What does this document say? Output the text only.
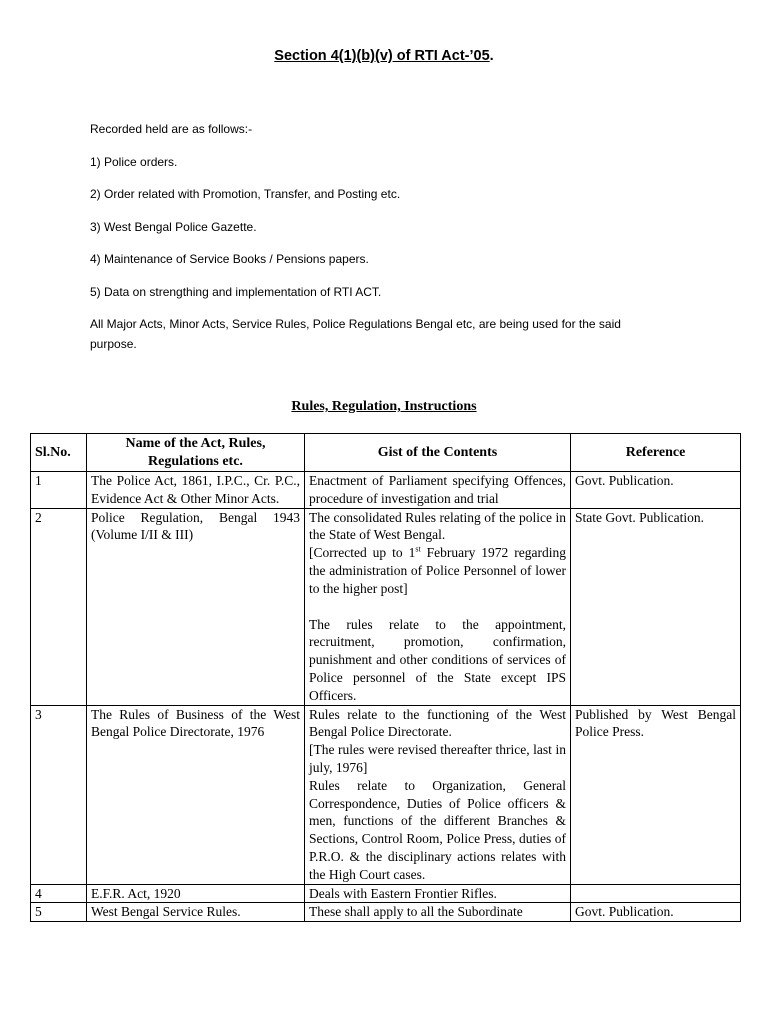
Section 4(1)(b)(v) of RTI Act-’05.

Recorded held are as follows:-

1) Police orders.

2) Order related with Promotion, Transfer, and Posting etc.

3) West Bengal Police Gazette.

4) Maintenance of Service Books / Pensions papers.

5) Data on strengthing and implementation of RTI ACT.

All Major Acts, Minor Acts, Service Rules, Police Regulations Bengal etc, are being used for the said purpose.

Rules, Regulation, Instructions
Sl.No.	Name of the Act, Rules, Regulations etc.	Gist of the Contents	Reference
1	The Police Act, 1861, I.P.C., Cr. P.C., Evidence Act & Other Minor Acts.	Enactment of Parliament specifying Offences, procedure of investigation and trial	Govt. Publication.
2	Police Regulation, Bengal 1943 (Volume I/II & III)	The consolidated Rules relating of the police in the State of West Bengal.
[Corrected up to 1st February 1972 regarding the administration of Police Personnel of lower to the higher post]
The rules relate to the appointment, recruitment, promotion, confirmation, punishment and other conditions of services of Police personnel of the State except IPS Officers.	State Govt. Publication.
3	The Rules of Business of the West Bengal Police Directorate, 1976	Rules relate to the functioning of the West Bengal Police Directorate.
[The rules were revised thereafter thrice, last in july, 1976]
Rules relate to Organization, General Correspondence, Duties of Police officers & men, functions of the different Branches & Sections, Control Room, Police Press, duties of P.R.O. & the disciplinary actions relates with the High Court cases.	Published by West Bengal Police Press.
4	E.F.R. Act, 1920	Deals with Eastern Frontier Rifles.	
5	West Bengal Service Rules.	These shall apply to all the Subordinate	Govt. Publication.
